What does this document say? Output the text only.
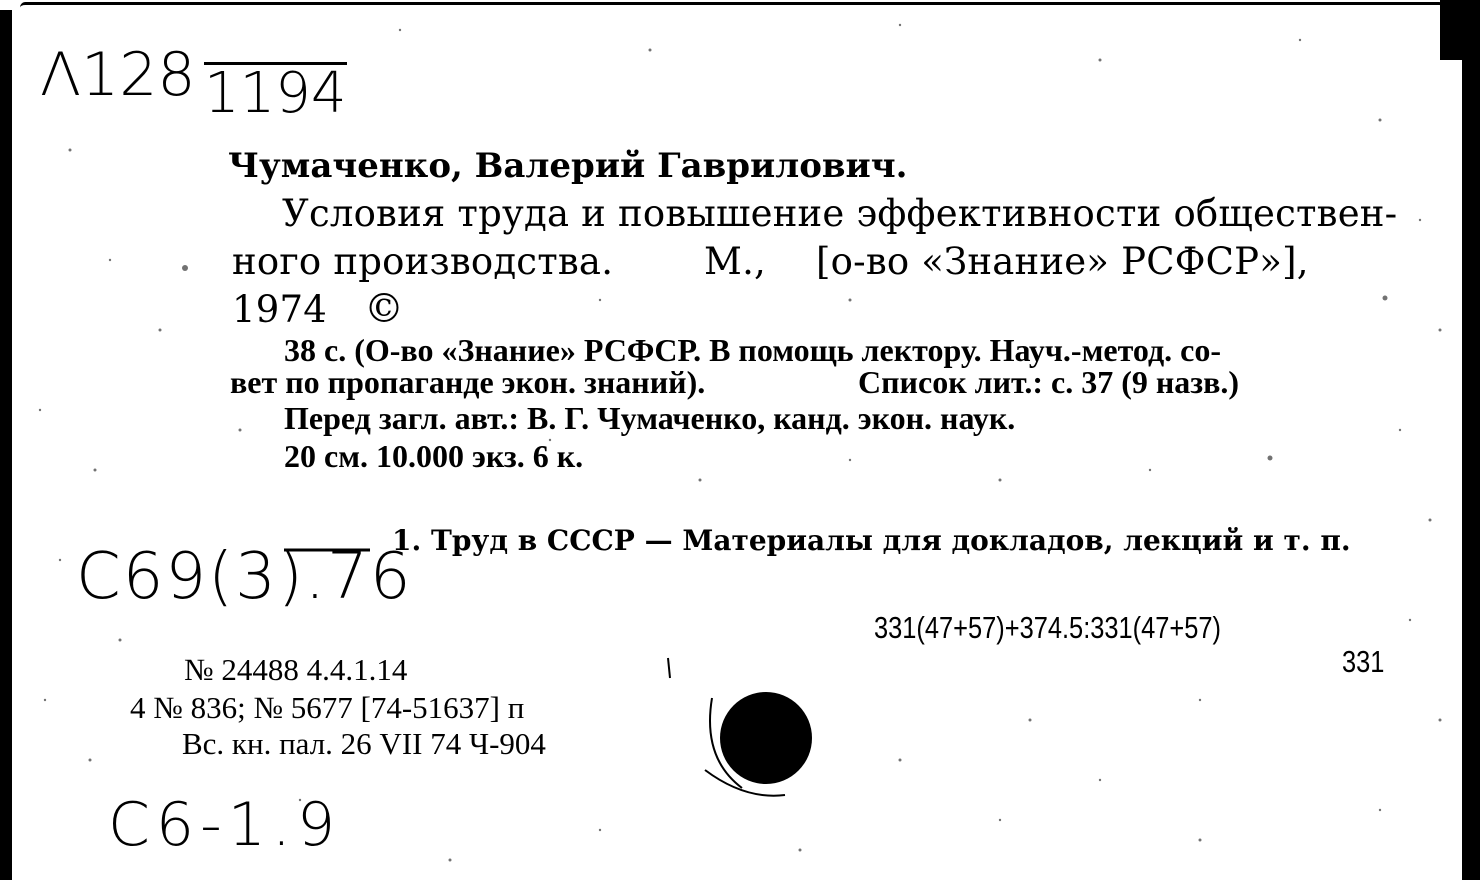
Λ128 1194
Чумаченко, Валерий Гаврилович.
Условия труда и повышение эффективности обществен-
ного производства. М., [о-во «Знание» РСФСР»],
1974 ©
38 с. (О-во «Знание» РСФСР. В помощь лектору. Науч.-метод. со-
вет по пропаганде экон. знаний).	Список лит.: с. 37 (9 назв.)
Перед загл. авт.: В. Г. Чумаченко, канд. экон. наук.
20 см. 10.000 экз. 6 к.
1. Труд в СССР — Материалы для докладов, лекций и т. п.
С69(3).76
331(47+57)+374.5:331(47+57)
331
№ 24488 4.4.1.14
4 № 836; № 5677 [74-51637] п
Вс. кн. пал. 26 VII 74 Ч-904
С6-1.9
